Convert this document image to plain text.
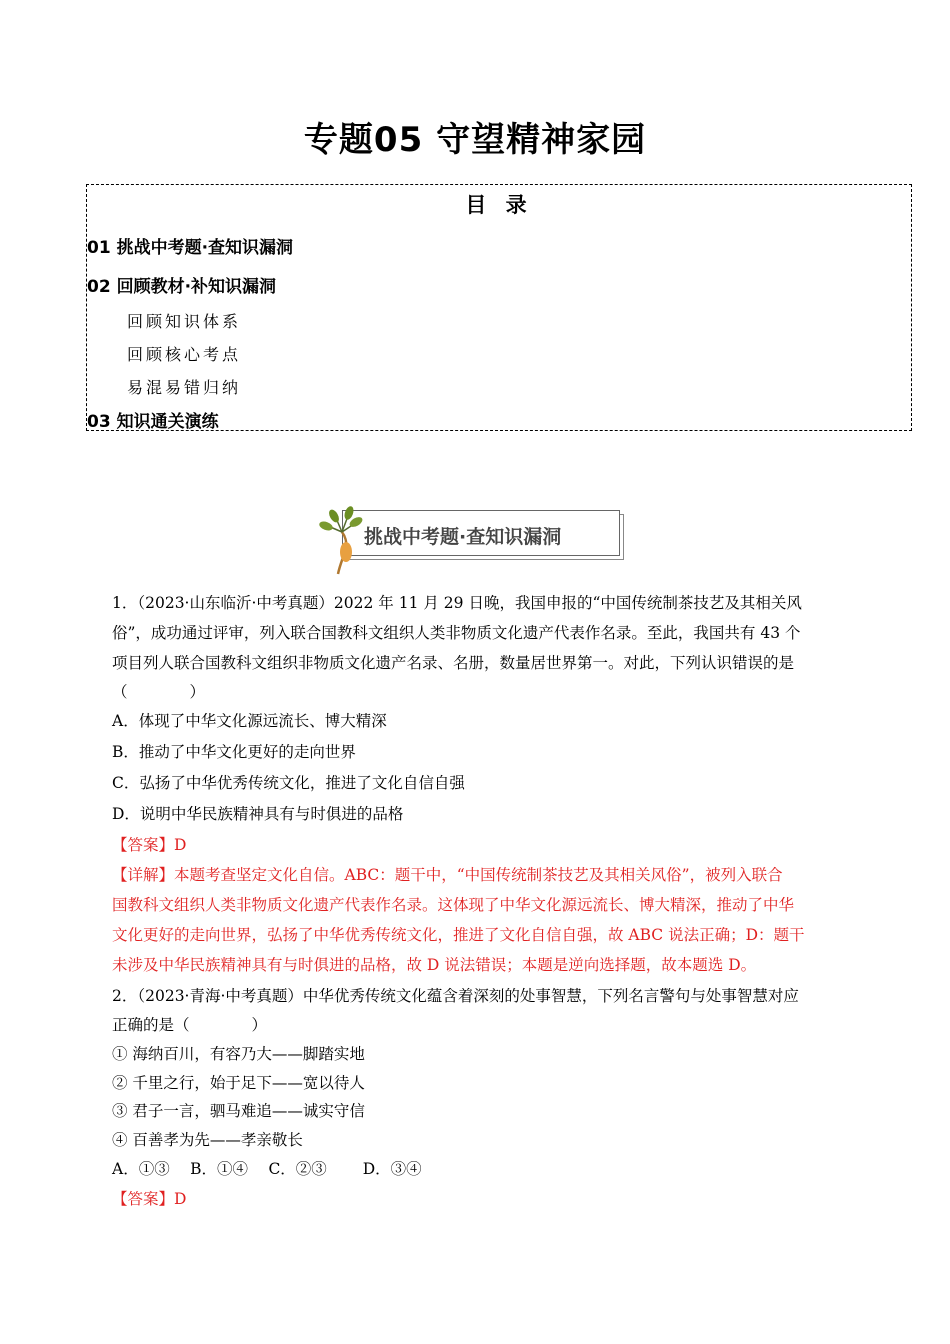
专题05 守望精神家园
目 录
01 挑战中考题·查知识漏洞
02 回顾教材·补知识漏洞
回顾知识体系
回顾核心考点
易混易错归纳
03 知识通关演练
挑战中考题·查知识漏洞
1．（2023·山东临沂·中考真题）2022 年 11 月 29 日晚，我国申报的“中国传统制茶技艺及其相关风
俗”，成功通过评审，列入联合国教科文组织人类非物质文化遗产代表作名录。至此，我国共有 43 个
项目列人联合国教科文组织非物质文化遗产名录、名册，数量居世界第一。对此，下列认识错误的是
（　　　　）
A．体现了中华文化源远流长、博大精深
B．推动了中华文化更好的走向世界
C．弘扬了中华优秀传统文化，推进了文化自信自强
D．说明中华民族精神具有与时俱进的品格
【答案】D
【详解】本题考查坚定文化自信。ABC：题干中，“中国传统制茶技艺及其相关风俗”，被列入联合
国教科文组织人类非物质文化遗产代表作名录。这体现了中华文化源远流长、博大精深，推动了中华
文化更好的走向世界，弘扬了中华优秀传统文化，推进了文化自信自强，故 ABC 说法正确；D：题干
未涉及中华民族精神具有与时俱进的品格，故 D 说法错误；本题是逆向选择题，故本题选 D。
2．（2023·青海·中考真题）中华优秀传统文化蕴含着深刻的处事智慧，下列名言警句与处事智慧对应
正确的是（　　　　）
① 海纳百川，有容乃大——脚踏实地
② 千里之行，始于足下——宽以待人
③ 君子一言，驷马难追——诚实守信
④ 百善孝为先——孝亲敬长
A．①③　 B．①④　 C．②③　　 D．③④
【答案】D
